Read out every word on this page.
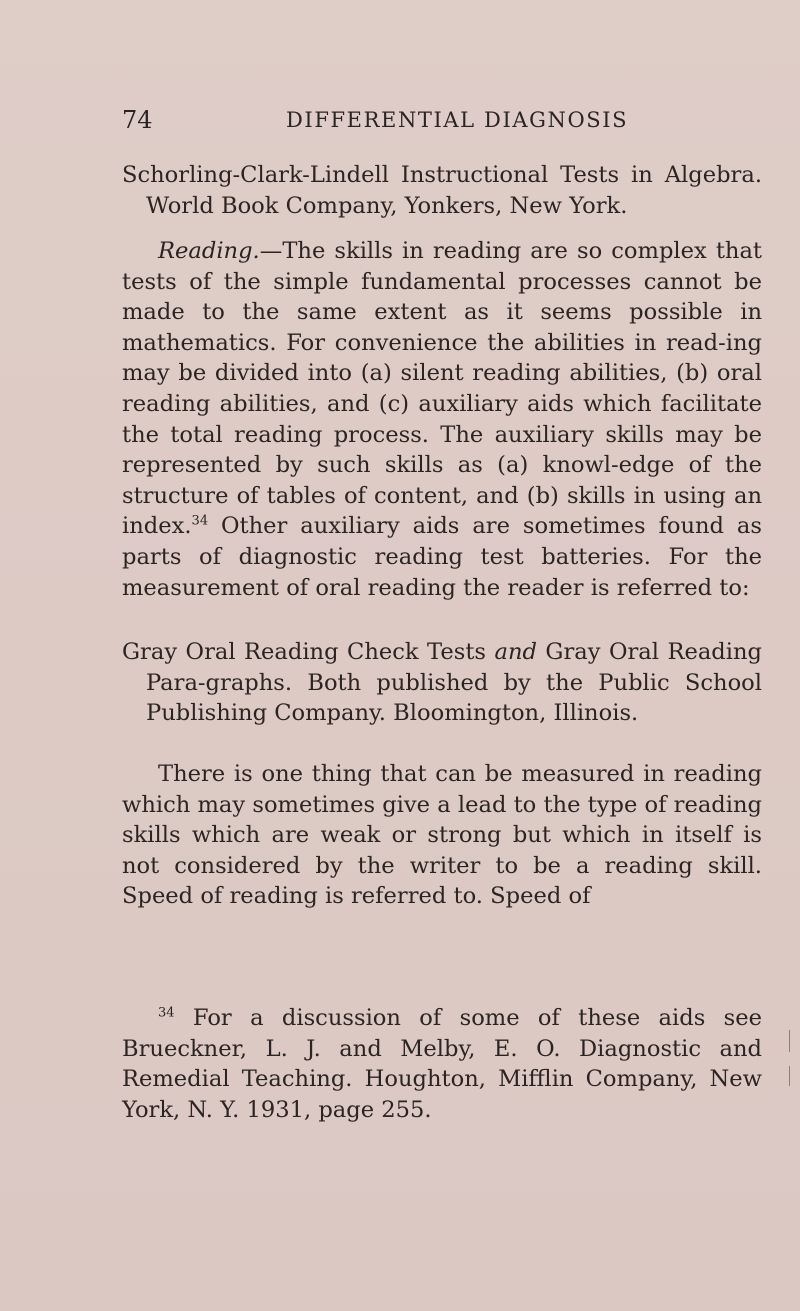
74	DIFFERENTIAL DIAGNOSIS
Schorling-Clark-Lindell Instructional Tests in Algebra. World Book Company, Yonkers, New York.
Reading.—The skills in reading are so complex that tests of the simple fundamental processes cannot be made to the same extent as it seems possible in mathematics. For convenience the abilities in read-ing may be divided into (a) silent reading abilities, (b) oral reading abilities, and (c) auxiliary aids which facilitate the total reading process. The auxiliary skills may be represented by such skills as (a) knowl-edge of the structure of tables of content, and (b) skills in using an index.$^{34}$ Other auxiliary aids are sometimes found as parts of diagnostic reading test batteries. For the measurement of oral reading the reader is referred to:
Gray Oral Reading Check Tests and Gray Oral Reading Para-graphs. Both published by the Public School Publishing Company. Bloomington, Illinois.
There is one thing that can be measured in reading which may sometimes give a lead to the type of reading skills which are weak or strong but which in itself is not considered by the writer to be a reading skill. Speed of reading is referred to. Speed of
$^{34}$ For a discussion of some of these aids see Brueckner, L. J. and Melby, E. O. Diagnostic and Remedial Teaching. Houghton, Mifflin Company, New York, N. Y. 1931, page 255.
